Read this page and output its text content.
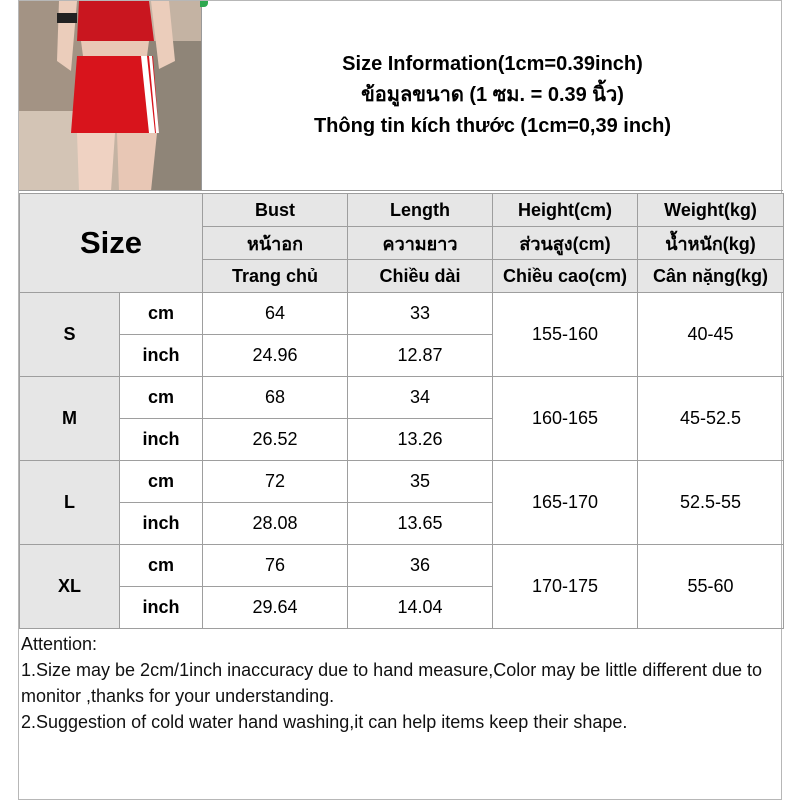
Size Information(1cm=0.39inch)
ข้อมูลขนาด (1 ซม. = 0.39 นิ้ว)
Thông tin kích thước (1cm=0,39 inch)
Size		Bust	Length	Height(cm)	Weight(kg)
		หน้าอก	ความยาว	ส่วนสูง(cm)	น้ำหนัก(kg)
		Trang chủ	Chiều dài	Chiều cao(cm)	Cân nặng(kg)
S	cm	64	33	155-160	40-45
	inch	24.96	12.87		
M	cm	68	34	160-165	45-52.5
	inch	26.52	13.26		
L	cm	72	35	165-170	52.5-55
	inch	28.08	13.65		
XL	cm	76	36	170-175	55-60
	inch	29.64	14.04		
Attention:
1.Size may be 2cm/1inch inaccuracy due to hand measure,Color may be little different due to monitor ,thanks for your understanding.
2.Suggestion of cold water hand washing,it can help items keep their shape.
